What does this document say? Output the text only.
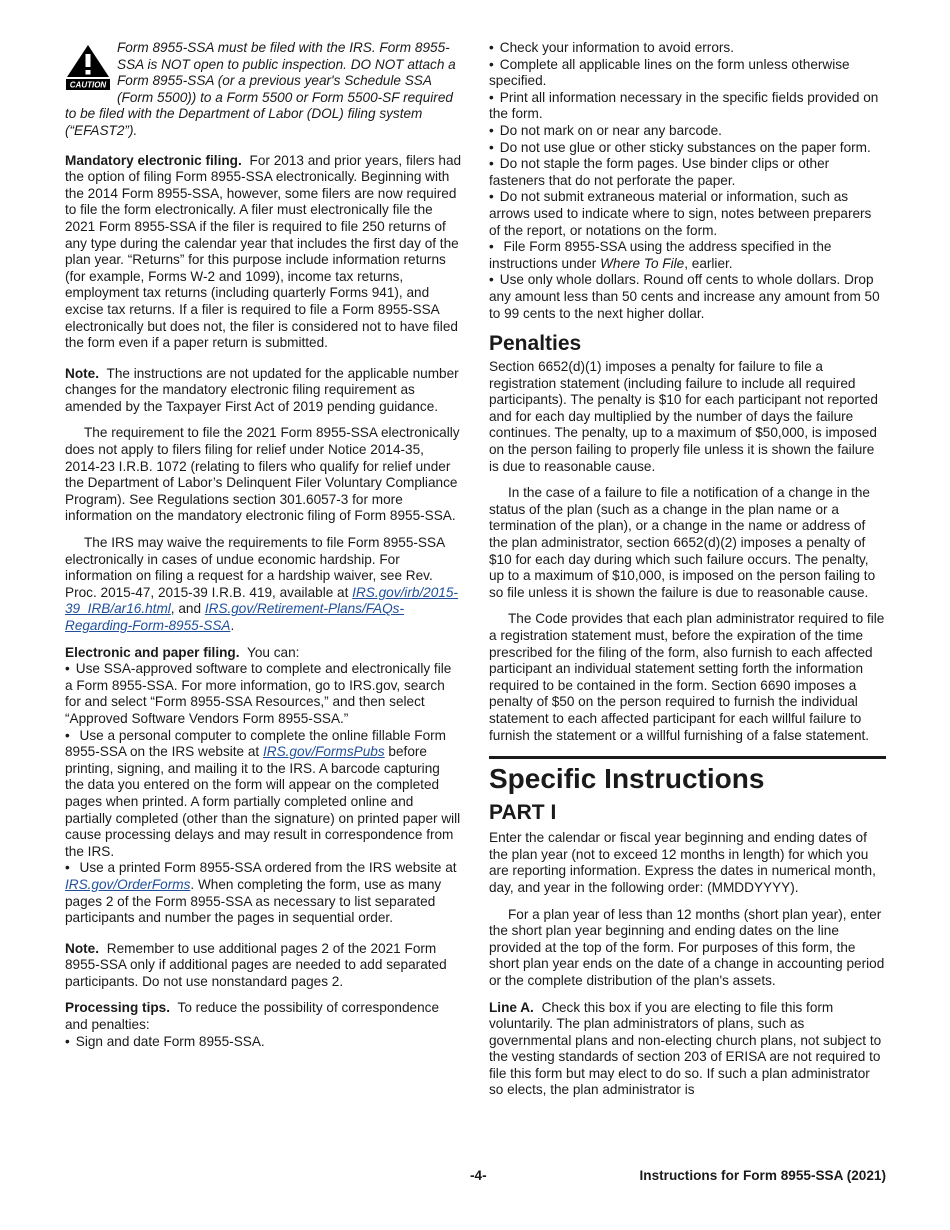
CAUTION
Form 8955-SSA must be filed with the IRS. Form 8955-SSA is NOT open to public inspection. DO NOT attach a Form 8955-SSA (or a previous year's Schedule SSA (Form 5500)) to a Form 5500 or Form 5500-SF required to be filed with the Department of Labor (DOL) filing system (“EFAST2”).

Mandatory electronic filing. For 2013 and prior years, filers had the option of filing Form 8955-SSA electronically. Beginning with the 2014 Form 8955-SSA, however, some filers are now required to file the form electronically. A filer must electronically file the 2021 Form 8955-SSA if the filer is required to file 250 returns of any type during the calendar year that includes the first day of the plan year. “Returns” for this purpose include information returns (for example, Forms W-2 and 1099), income tax returns, employment tax returns (including quarterly Forms 941), and excise tax returns. If a filer is required to file a Form 8955-SSA electronically but does not, the filer is considered not to have filed the form even if a paper return is submitted.

Note. The instructions are not updated for the applicable number changes for the mandatory electronic filing requirement as amended by the Taxpayer First Act of 2019 pending guidance.

The requirement to file the 2021 Form 8955-SSA electronically does not apply to filers filing for relief under Notice 2014-35, 2014-23 I.R.B. 1072 (relating to filers who qualify for relief under the Department of Labor’s Delinquent Filer Voluntary Compliance Program). See Regulations section 301.6057-3 for more information on the mandatory electronic filing of Form 8955-SSA.

The IRS may waive the requirements to file Form 8955-SSA electronically in cases of undue economic hardship. For information on filing a request for a hardship waiver, see Rev. Proc. 2015-47, 2015-39 I.R.B. 419, available at IRS.gov/irb/2015-39_IRB/ar16.html, and IRS.gov/Retirement-Plans/FAQs-Regarding-Form-8955-SSA.

Electronic and paper filing. You can:

• Use SSA-approved software to complete and electronically file a Form 8955-SSA. For more information, go to IRS.gov, search for and select “Form 8955-SSA Resources,” and then select “Approved Software Vendors Form 8955-SSA.”

• Use a personal computer to complete the online fillable Form 8955-SSA on the IRS website at IRS.gov/FormsPubs before printing, signing, and mailing it to the IRS. A barcode capturing the data you entered on the form will appear on the completed pages when printed. A form partially completed online and partially completed (other than the signature) on printed paper will cause processing delays and may result in correspondence from the IRS.

• Use a printed Form 8955-SSA ordered from the IRS website at IRS.gov/OrderForms. When completing the form, use as many pages 2 of the Form 8955-SSA as necessary to list separated participants and number the pages in sequential order.

Note. Remember to use additional pages 2 of the 2021 Form 8955-SSA only if additional pages are needed to add separated participants. Do not use nonstandard pages 2.

Processing tips. To reduce the possibility of correspondence and penalties:

• Sign and date Form 8955-SSA.

• Check your information to avoid errors.

• Complete all applicable lines on the form unless otherwise specified.

• Print all information necessary in the specific fields provided on the form.

• Do not mark on or near any barcode.

• Do not use glue or other sticky substances on the paper form.

• Do not staple the form pages. Use binder clips or other fasteners that do not perforate the paper.

• Do not submit extraneous material or information, such as arrows used to indicate where to sign, notes between preparers of the report, or notations on the form.

• File Form 8955-SSA using the address specified in the instructions under Where To File, earlier.

• Use only whole dollars. Round off cents to whole dollars. Drop any amount less than 50 cents and increase any amount from 50 to 99 cents to the next higher dollar.

Penalties

Section 6652(d)(1) imposes a penalty for failure to file a registration statement (including failure to include all required participants). The penalty is $10 for each participant not reported and for each day multiplied by the number of days the failure continues. The penalty, up to a maximum of $50,000, is imposed on the person failing to properly file unless it is shown the failure is due to reasonable cause.

In the case of a failure to file a notification of a change in the status of the plan (such as a change in the plan name or a termination of the plan), or a change in the name or address of the plan administrator, section 6652(d)(2) imposes a penalty of $10 for each day during which such failure occurs. The penalty, up to a maximum of $10,000, is imposed on the person failing to so file unless it is shown the failure is due to reasonable cause.

The Code provides that each plan administrator required to file a registration statement must, before the expiration of the time prescribed for the filing of the form, also furnish to each affected participant an individual statement setting forth the information required to be contained in the form. Section 6690 imposes a penalty of $50 on the person required to furnish the individual statement to each affected participant for each willful failure to furnish the statement or a willful furnishing of a false statement.

Specific Instructions
PART I

Enter the calendar or fiscal year beginning and ending dates of the plan year (not to exceed 12 months in length) for which you are reporting information. Express the dates in numerical month, day, and year in the following order: (MMDDYYYY).

For a plan year of less than 12 months (short plan year), enter the short plan year beginning and ending dates on the line provided at the top of the form. For purposes of this form, the short plan year ends on the date of a change in accounting period or the complete distribution of the plan's assets.

Line A. Check this box if you are electing to file this form voluntarily. The plan administrators of plans, such as governmental plans and non-electing church plans, not subject to the vesting standards of section 203 of ERISA are not required to file this form but may elect to do so. If such a plan administrator so elects, the plan administrator is

-4-	Instructions for Form 8955-SSA (2021)
